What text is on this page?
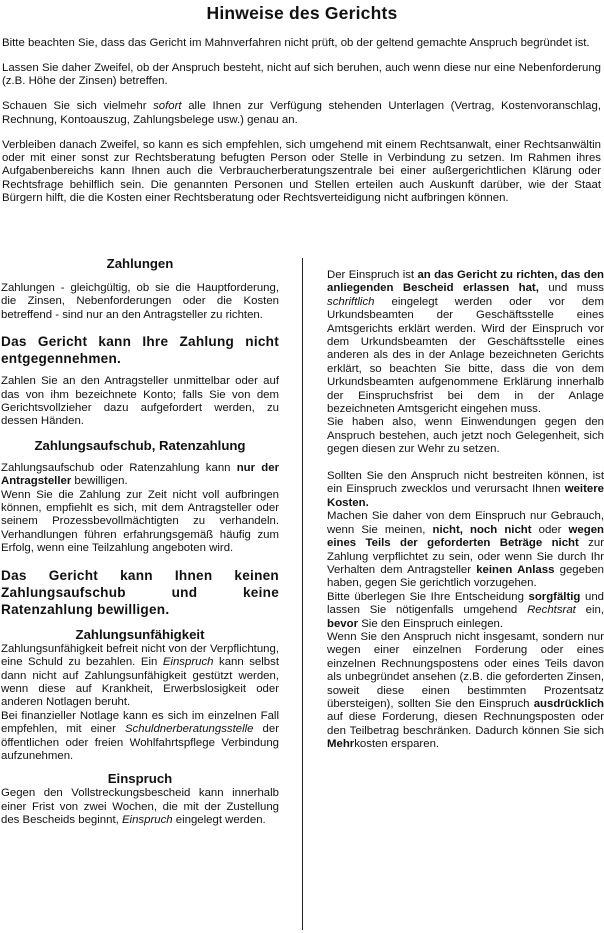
Hinweise des Gerichts

Bitte beachten Sie, dass das Gericht im Mahnverfahren nicht prüft, ob der geltend gemachte Anspruch begründet ist.

Lassen Sie daher Zweifel, ob der Anspruch besteht, nicht auf sich beruhen, auch wenn diese nur eine Nebenforderung (z.B. Höhe der Zinsen) betreffen.

Schauen Sie sich vielmehr sofort alle Ihnen zur Verfügung stehenden Unterlagen (Vertrag, Kostenvoranschlag, Rechnung, Kontoauszug, Zahlungsbelege usw.) genau an.

Verbleiben danach Zweifel, so kann es sich empfehlen, sich umgehend mit einem Rechtsanwalt, einer Rechtsanwältin oder mit einer sonst zur Rechtsberatung befugten Person oder Stelle in Verbindung zu setzen. Im Rahmen ihres Aufgabenbereichs kann Ihnen auch die Verbraucherberatungszentrale bei einer außergerichtlichen Klärung oder Rechtsfrage behilflich sein. Die genannten Personen und Stellen erteilen auch Auskunft darüber, wie der Staat Bürgern hilft, die die Kosten einer Rechtsberatung oder Rechtsverteidigung nicht aufbringen können.

Zahlungen

Zahlungen - gleichgültig, ob sie die Hauptforderung, die Zinsen, Nebenforderungen oder die Kosten betreffend - sind nur an den Antragsteller zu richten.

Das Gericht kann Ihre Zahlung nicht entgegennehmen.

Zahlen Sie an den Antragsteller unmittelbar oder auf das von ihm bezeichnete Konto; falls Sie von dem Gerichtsvollzieher dazu aufgefordert werden, zu dessen Händen.

Zahlungsaufschub, Ratenzahlung

Zahlungsaufschub oder Ratenzahlung kann nur der Antragsteller bewilligen.

Wenn Sie die Zahlung zur Zeit nicht voll aufbringen können, empfiehlt es sich, mit dem Antragsteller oder seinem Prozessbevollmächtigten zu verhandeln. Verhandlungen führen erfahrungsgemäß häufig zum Erfolg, wenn eine Teilzahlung angeboten wird.

Das Gericht kann Ihnen keinen Zahlungsaufschub und keine Ratenzahlung bewilligen.
Zahlungsunfähigkeit

Zahlungsunfähigkeit befreit nicht von der Verpflichtung, eine Schuld zu bezahlen. Ein Einspruch kann selbst dann nicht auf Zahlungsunfähigkeit gestützt werden, wenn diese auf Krankheit, Erwerbslosigkeit oder anderen Notlagen beruht.

Bei finanzieller Notlage kann es sich im einzelnen Fall empfehlen, mit einer Schuldnerberatungsstelle der öffentlichen oder freien Wohlfahrtspflege Verbindung aufzunehmen.

Einspruch

Gegen den Vollstreckungsbescheid kann innerhalb einer Frist von zwei Wochen, die mit der Zustellung des Bescheids beginnt, Einspruch eingelegt werden.

Der Einspruch ist an das Gericht zu richten, das den anliegenden Bescheid erlassen hat, und muss schriftlich eingelegt werden oder vor dem Urkundsbeamten der Geschäftsstelle eines Amtsgerichts erklärt werden. Wird der Einspruch vor dem Urkundsbeamten der Geschäftsstelle eines anderen als des in der Anlage bezeichneten Gerichts erklärt, so beachten Sie bitte, dass die von dem Urkundsbeamten aufgenommene Erklärung innerhalb der Einspruchsfrist bei dem in der Anlage bezeichneten Amtsgericht eingehen muss.

Sie haben also, wenn Einwendungen gegen den Anspruch bestehen, auch jetzt noch Gelegenheit, sich gegen diesen zur Wehr zu setzen.

Sollten Sie den Anspruch nicht bestreiten können, ist ein Einspruch zwecklos und verursacht Ihnen weitere Kosten.

Machen Sie daher von dem Einspruch nur Gebrauch, wenn Sie meinen, nicht, noch nicht oder wegen eines Teils der geforderten Beträge nicht zur Zahlung verpflichtet zu sein, oder wenn Sie durch Ihr Verhalten dem Antragsteller keinen Anlass gegeben haben, gegen Sie gerichtlich vorzugehen.

Bitte überlegen Sie Ihre Entscheidung sorgfältig und lassen Sie nötigenfalls umgehend Rechtsrat ein, bevor Sie den Einspruch einlegen.

Wenn Sie den Anspruch nicht insgesamt, sondern nur wegen einer einzelnen Forderung oder eines einzelnen Rechnungspostens oder eines Teils davon als unbegründet ansehen (z.B. die geforderten Zinsen, soweit diese einen bestimmten Prozentsatz übersteigen), sollten Sie den Einspruch ausdrücklich auf diese Forderung, diesen Rechnungsposten oder den Teilbetrag beschränken. Dadurch können Sie sich Mehrkosten ersparen.
